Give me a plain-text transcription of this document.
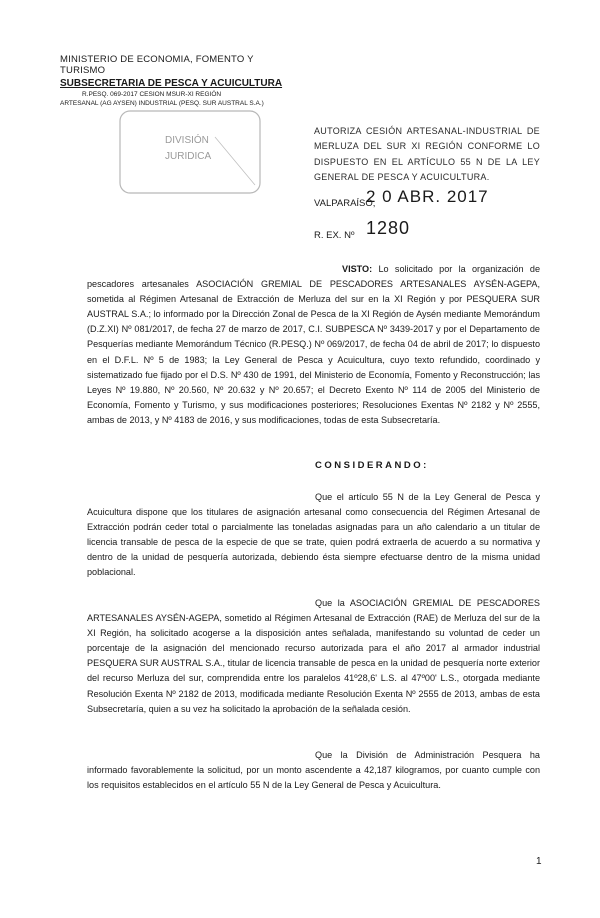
MINISTERIO DE ECONOMIA, FOMENTO Y TURISMO
SUBSECRETARIA DE PESCA Y ACUICULTURA
R.PESQ. 069-2017 CESION MSUR-XI REGIÓN
ARTESANAL (AG AYSEN) INDUSTRIAL (PESQ. SUR AUSTRAL S.A.)
DIVISIÓN
JURIDICA
AUTORIZA CESIÓN ARTESANAL-INDUSTRIAL DE MERLUZA DEL SUR XI REGIÓN CONFORME LO DISPUESTO EN EL ARTÍCULO 55 N DE LA LEY GENERAL DE PESCA Y ACUICULTURA.
VALPARAÍSO,
2 0 ABR. 2017
R. EX. Nº 1280

VISTO: Lo solicitado por la organización de pescadores artesanales ASOCIACIÓN GREMIAL DE PESCADORES ARTESANALES AYSÉN-AGEPA, sometida al Régimen Artesanal de Extracción de Merluza del sur en la XI Región y por PESQUERA SUR AUSTRAL S.A.; lo informado por la Dirección Zonal de Pesca de la XI Región de Aysén mediante Memorándum (D.Z.XI) Nº 081/2017, de fecha 27 de marzo de 2017, C.I. SUBPESCA Nº 3439-2017 y por el Departamento de Pesquerías mediante Memorándum Técnico (R.PESQ.) Nº 069/2017, de fecha 04 de abril de 2017; lo dispuesto en el D.F.L. Nº 5 de 1983; la Ley General de Pesca y Acuicultura, cuyo texto refundido, coordinado y sistematizado fue fijado por el D.S. Nº 430 de 1991, del Ministerio de Economía, Fomento y Reconstrucción; las Leyes Nº 19.880, Nº 20.560, Nº 20.632 y Nº 20.657; el Decreto Exento Nº 114 de 2005 del Ministerio de Economía, Fomento y Turismo, y sus modificaciones posteriores; Resoluciones Exentas Nº 2182 y Nº 2555, ambas de 2013, y Nº 4183 de 2016, y sus modificaciones, todas de esta Subsecretaría.

CONSIDERANDO:

Que el artículo 55 N de la Ley General de Pesca y Acuicultura dispone que los titulares de asignación artesanal como consecuencia del Régimen Artesanal de Extracción podrán ceder total o parcialmente las toneladas asignadas para un año calendario a un titular de licencia transable de pesca de la especie de que se trate, quien podrá extraerla de acuerdo a su normativa y dentro de la unidad de pesquería autorizada, debiendo ésta siempre efectuarse dentro de la misma unidad poblacional.

Que la ASOCIACIÓN GREMIAL DE PESCADORES ARTESANALES AYSÉN-AGEPA, sometido al Régimen Artesanal de Extracción (RAE) de Merluza del sur de la XI Región, ha solicitado acogerse a la disposición antes señalada, manifestando su voluntad de ceder un porcentaje de la asignación del mencionado recurso autorizada para el año 2017 al armador industrial PESQUERA SUR AUSTRAL S.A., titular de licencia transable de pesca en la unidad de pesquería norte exterior del recurso Merluza del sur, comprendida entre los paralelos 41º28,6' L.S. al 47º00' L.S., otorgada mediante Resolución Exenta Nº 2182 de 2013, modificada mediante Resolución Exenta Nº 2555 de 2013, ambas de esta Subsecretaría, quien a su vez ha solicitado la aprobación de la señalada cesión.

Que la División de Administración Pesquera ha informado favorablemente la solicitud, por un monto ascendente a 42,187 kilogramos, por cuanto cumple con los requisitos establecidos en el artículo 55 N de la Ley General de Pesca y Acuicultura.

1
